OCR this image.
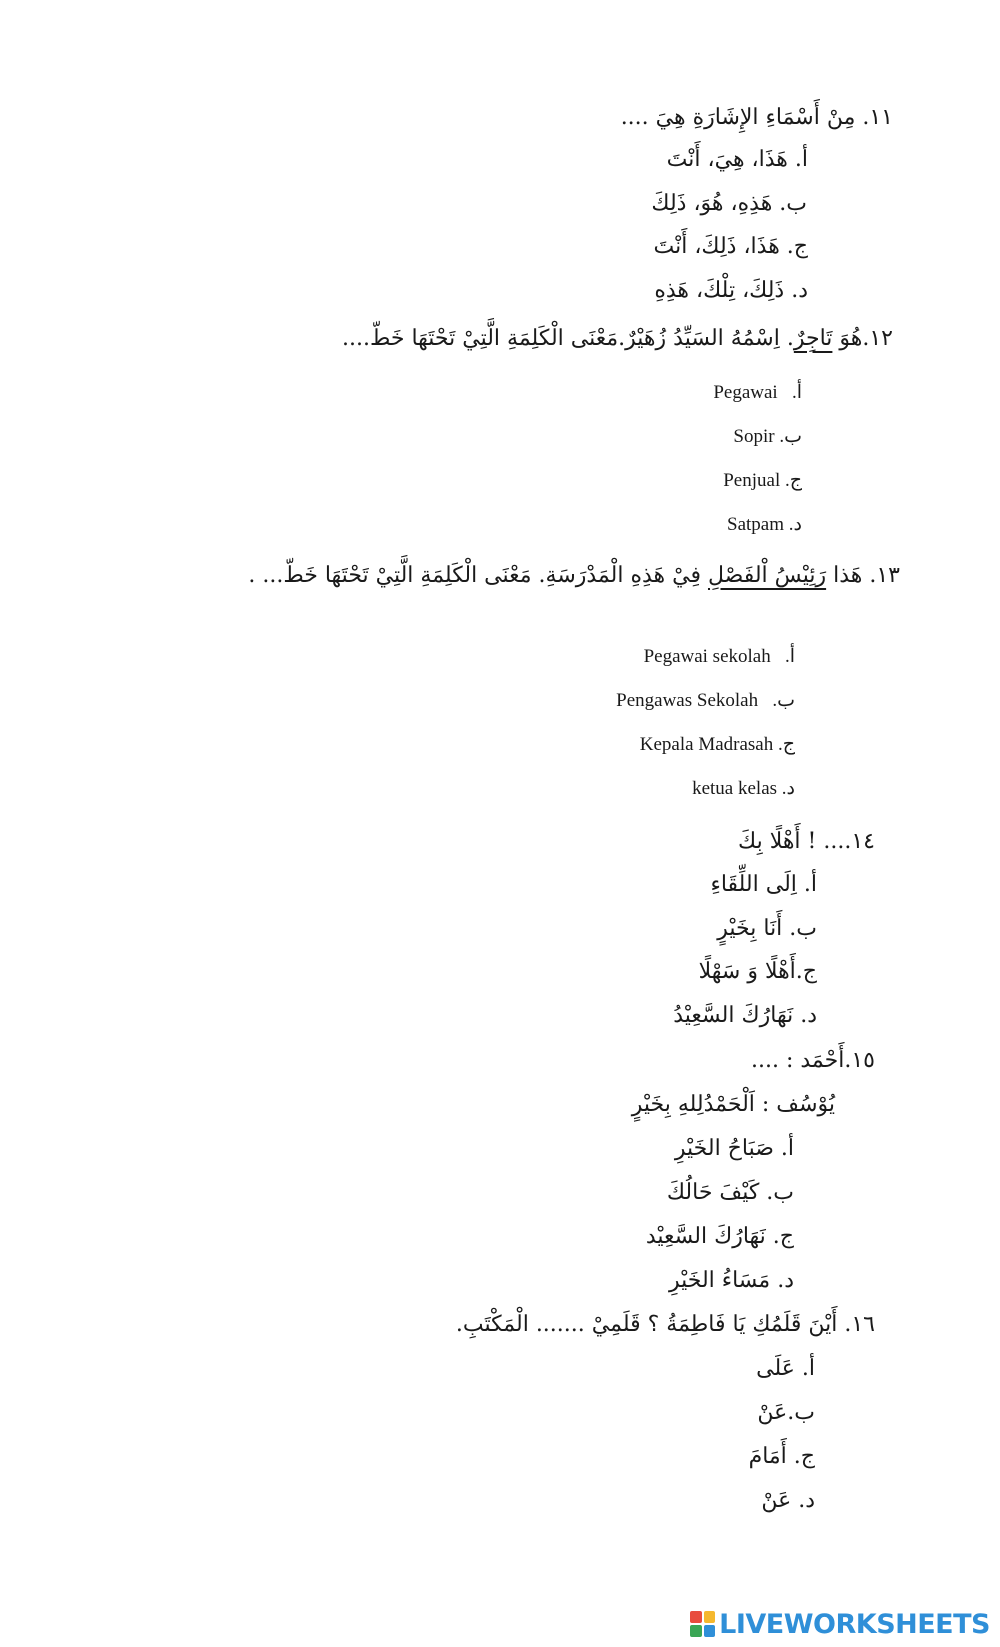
١١. مِنْ أَسْمَاءِ الإِشَارَةِ هِيَ ....
أ. هَذَا، هِيَ، أَنْتَ
ب. هَذِهِ، هُوَ، ذَلِكَ
ج. هَذَا، ذَلِكَ، أَنْتَ
د. ذَلِكَ، تِلْكَ، هَذِهِ
١٢.هُوَ تَاجِرٌ. اِسْمُهُ السَيِّدُ زُهَيْرٌ.مَعْنَى الْكَلِمَةِ الَّتِيْ تَحْتَهَا خَطّ....
أ.   Pegawai
ب. Sopir
ج. Penjual
د. Satpam
١٣. هَذا رَئِيْسُ اْلفَصْلِ فِيْ هَذِهِ الْمَدْرَسَةِ. مَعْنَى الْكَلِمَةِ الَّتِيْ تَحْتَهَا خَطّ... .
أ.   Pegawai sekolah
ب.   Pengawas Sekolah
ج. Kepala Madrasah
د. ketua kelas
١٤.... ! أَهْلًا بِكَ
أ. اِلَى اللِّقَاءِ
ب. أَنَا بِخَيْرٍ
ج.أَهْلًا وَ سَهْلًا
د. نَهَارُكَ السَّعِيْدُ
١٥.أَحْمَد : ....
يُوْسُف : اَلْحَمْدُلِلهِ بِخَيْرٍ
أ. صَبَاحُ الخَيْرِ
ب. كَيْفَ حَالُكَ
ج. نَهَارُكَ السَّعِيْد
د. مَسَاءُ الخَيْرِ
١٦. أَيْنَ قَلَمُكِ يَا فَاطِمَةُ ؟ قَلَمِيْ ....... الْمَكْتَبِ.
أ. عَلَى
ب.عَنْ
ج. أَمَامَ
د. عَنْ
LIVEWORKSHEETS
